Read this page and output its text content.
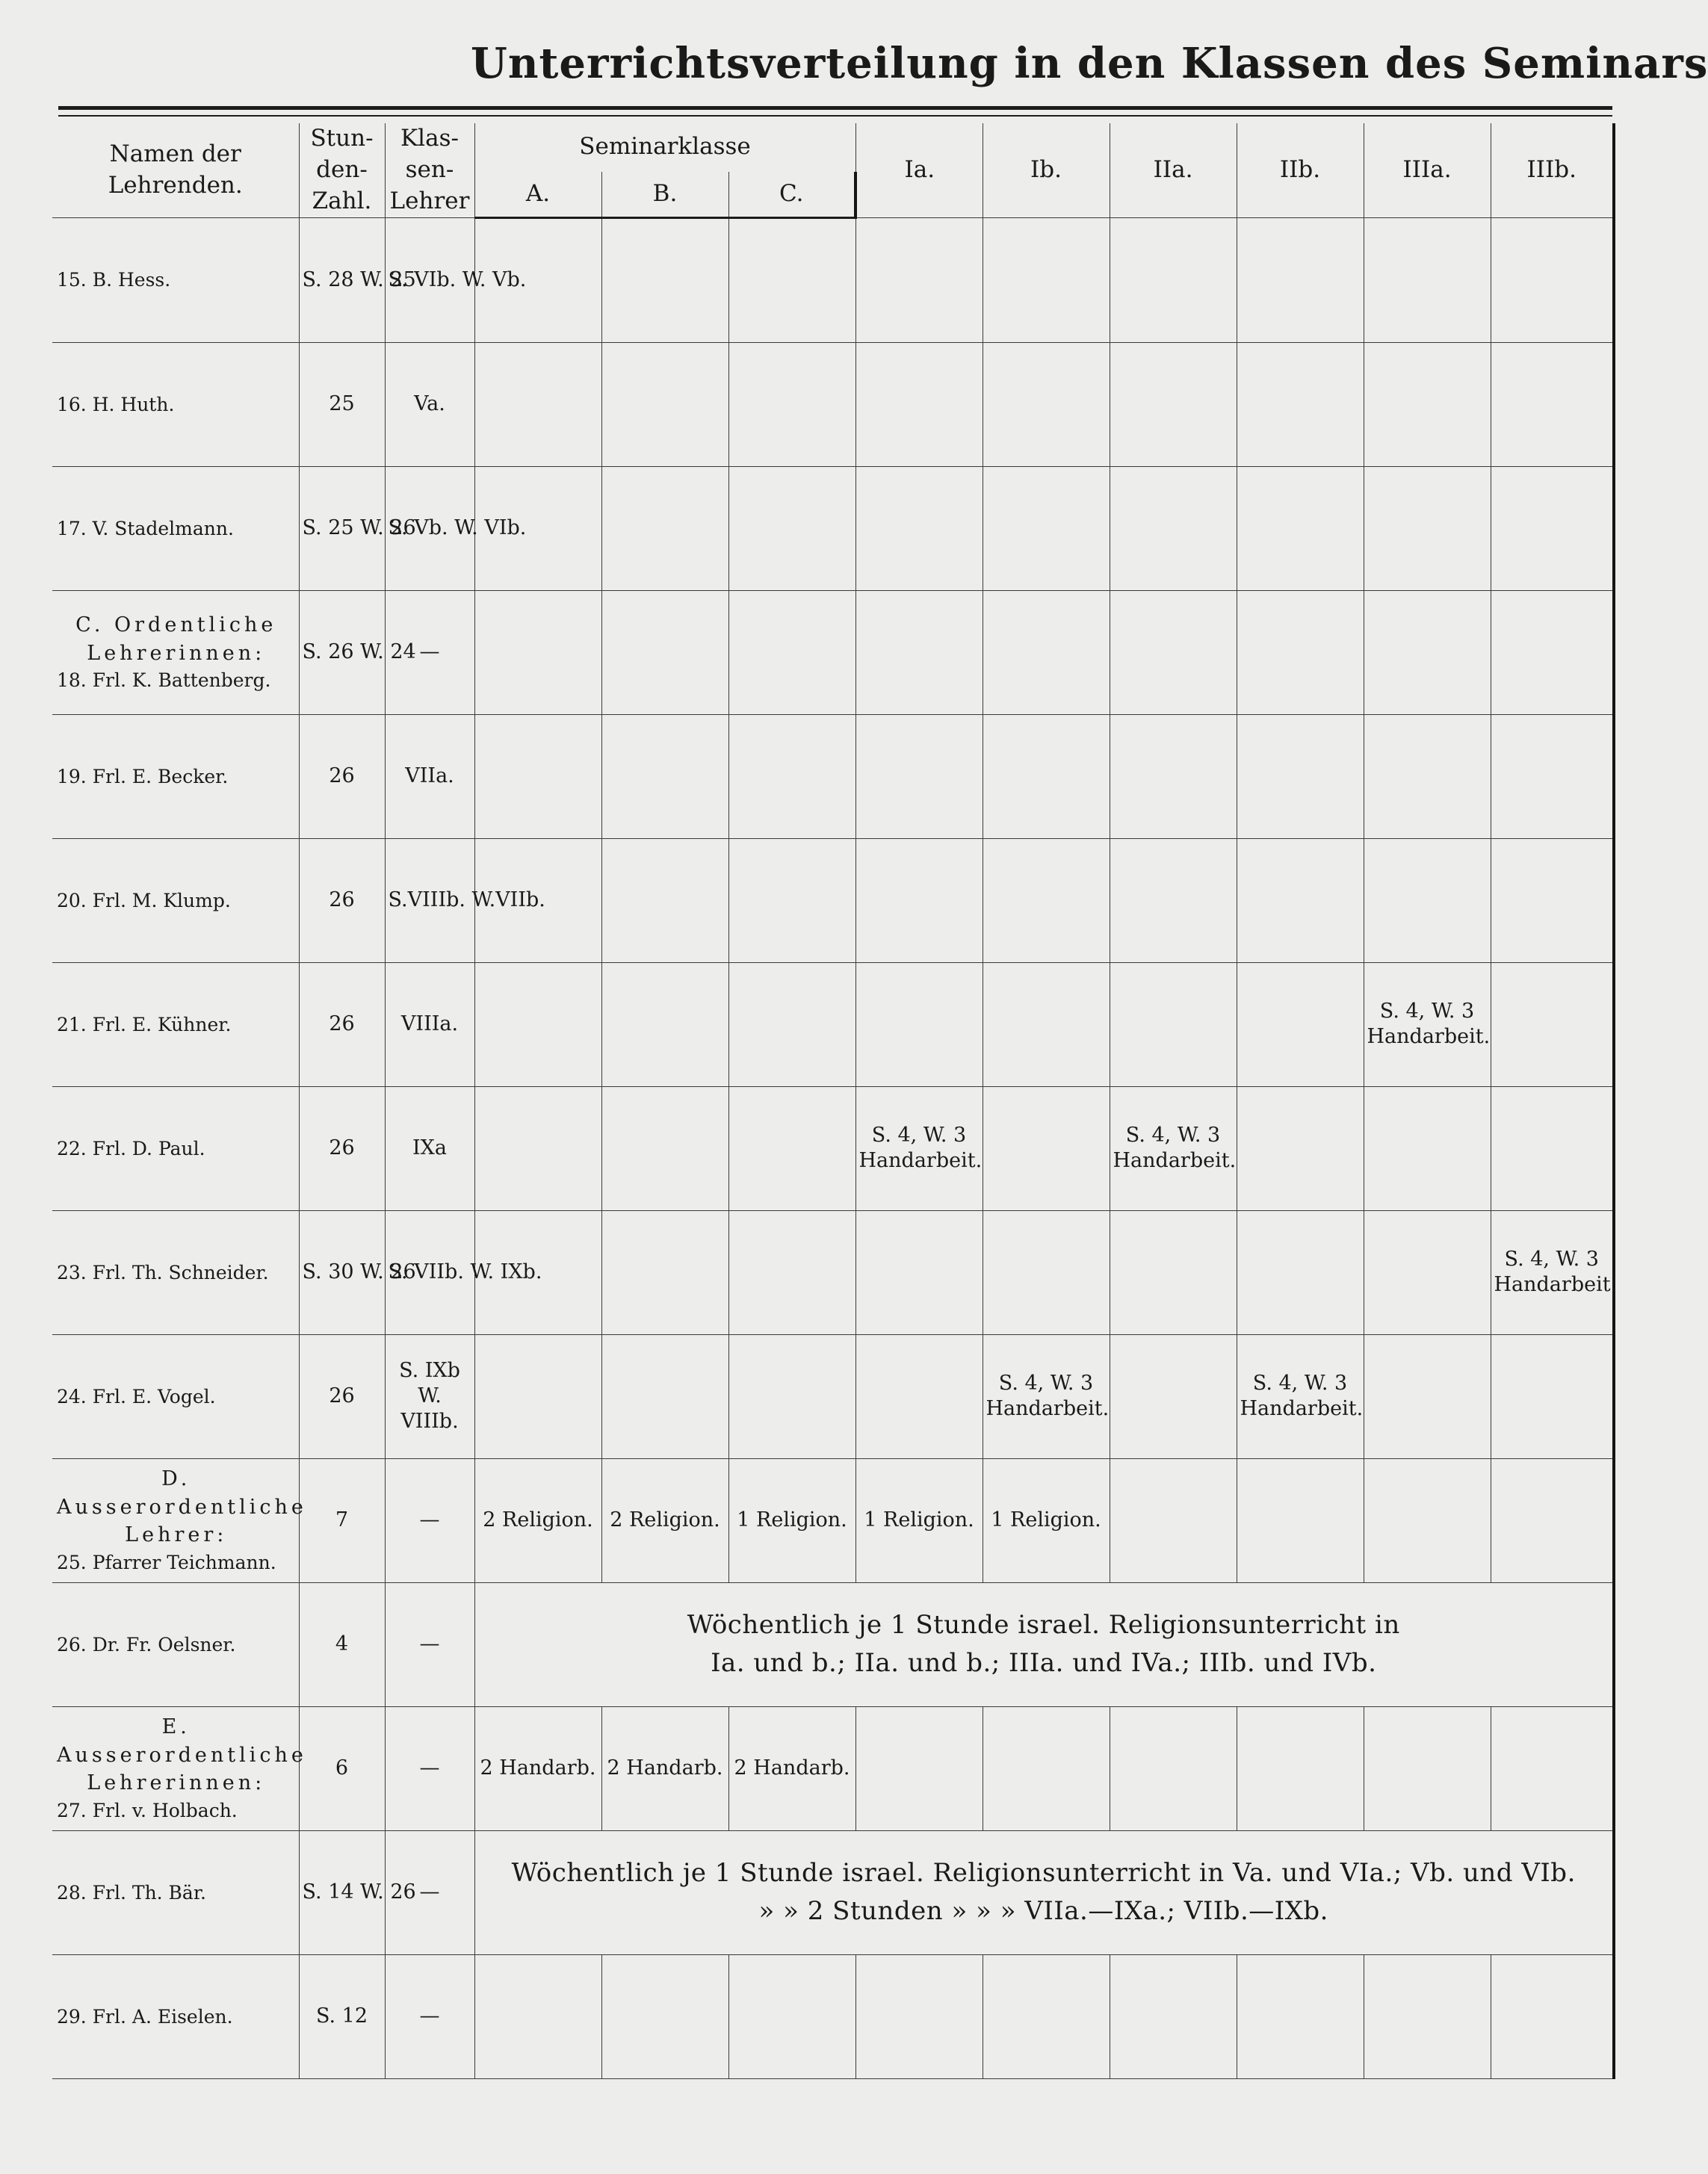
Unterrichtsverteilung in den Klassen des Seminars
Namen der Lehrenden.	Stun- den- Zahl.	Klas- sen- Lehrer	Seminarklasse			Ia.	Ib.	IIa.	IIb.	IIIa.	IIIb.
			A.	B.	C.						
15. B. Hess.	S. 28 W. 25	S. VIb. W. Vb.									
16. H. Huth.	25	Va.									
17. V. Stadelmann.	S. 25 W. 26	S. Vb. W. VIb.									

C. Ordentliche Lehrerinnen:
18. Frl. K. Battenberg.	S. 26 W. 24	—									
19. Frl. E. Becker.	26	VIIa.									
20. Frl. M. Klump.	26	S.VIIIb. W.VIIb.									
21. Frl. E. Kühner.	26	VIIIa.								S. 4, W. 3 Handarbeit.	
22. Frl. D. Paul.	26	IXa				S. 4, W. 3 Handarbeit.		S. 4, W. 3 Handarbeit.			
23. Frl. Th. Schneider.	S. 30 W. 26	S. VIIb. W. IXb.									S. 4, W. 3 Handarbeit.
24. Frl. E. Vogel.	26	S. IXb W. VIIIb.					S. 4, W. 3 Handarbeit.		S. 4, W. 3 Handarbeit.		

D. Ausserordentliche Lehrer:
25. Pfarrer Teichmann.	7	—	2 Religion.	2 Religion.	1 Religion.	1 Religion.	1 Religion.				
26. Dr. Fr. Oelsner.	4	—	Wöchentlich je 1 Stunde israel. Religionsunterricht in
Ia. und b.; IIa. und b.; IIIa. und IVa.; IIIb. und IVb.								

E. Ausserordentliche Lehrerinnen:
27. Frl. v. Holbach.	6	—	2 Handarb.	2 Handarb.	2 Handarb.						
28. Frl. Th. Bär.	S. 14 W. 26	—	Wöchentlich je 1 Stunde israel. Religionsunterricht in Va. und VIa.; Vb. und VIb.
» » 2 Stunden » » » VIIa.—IXa.; VIIb.—IXb.								

29. Frl. A. Eiselen.	S. 12	—									
